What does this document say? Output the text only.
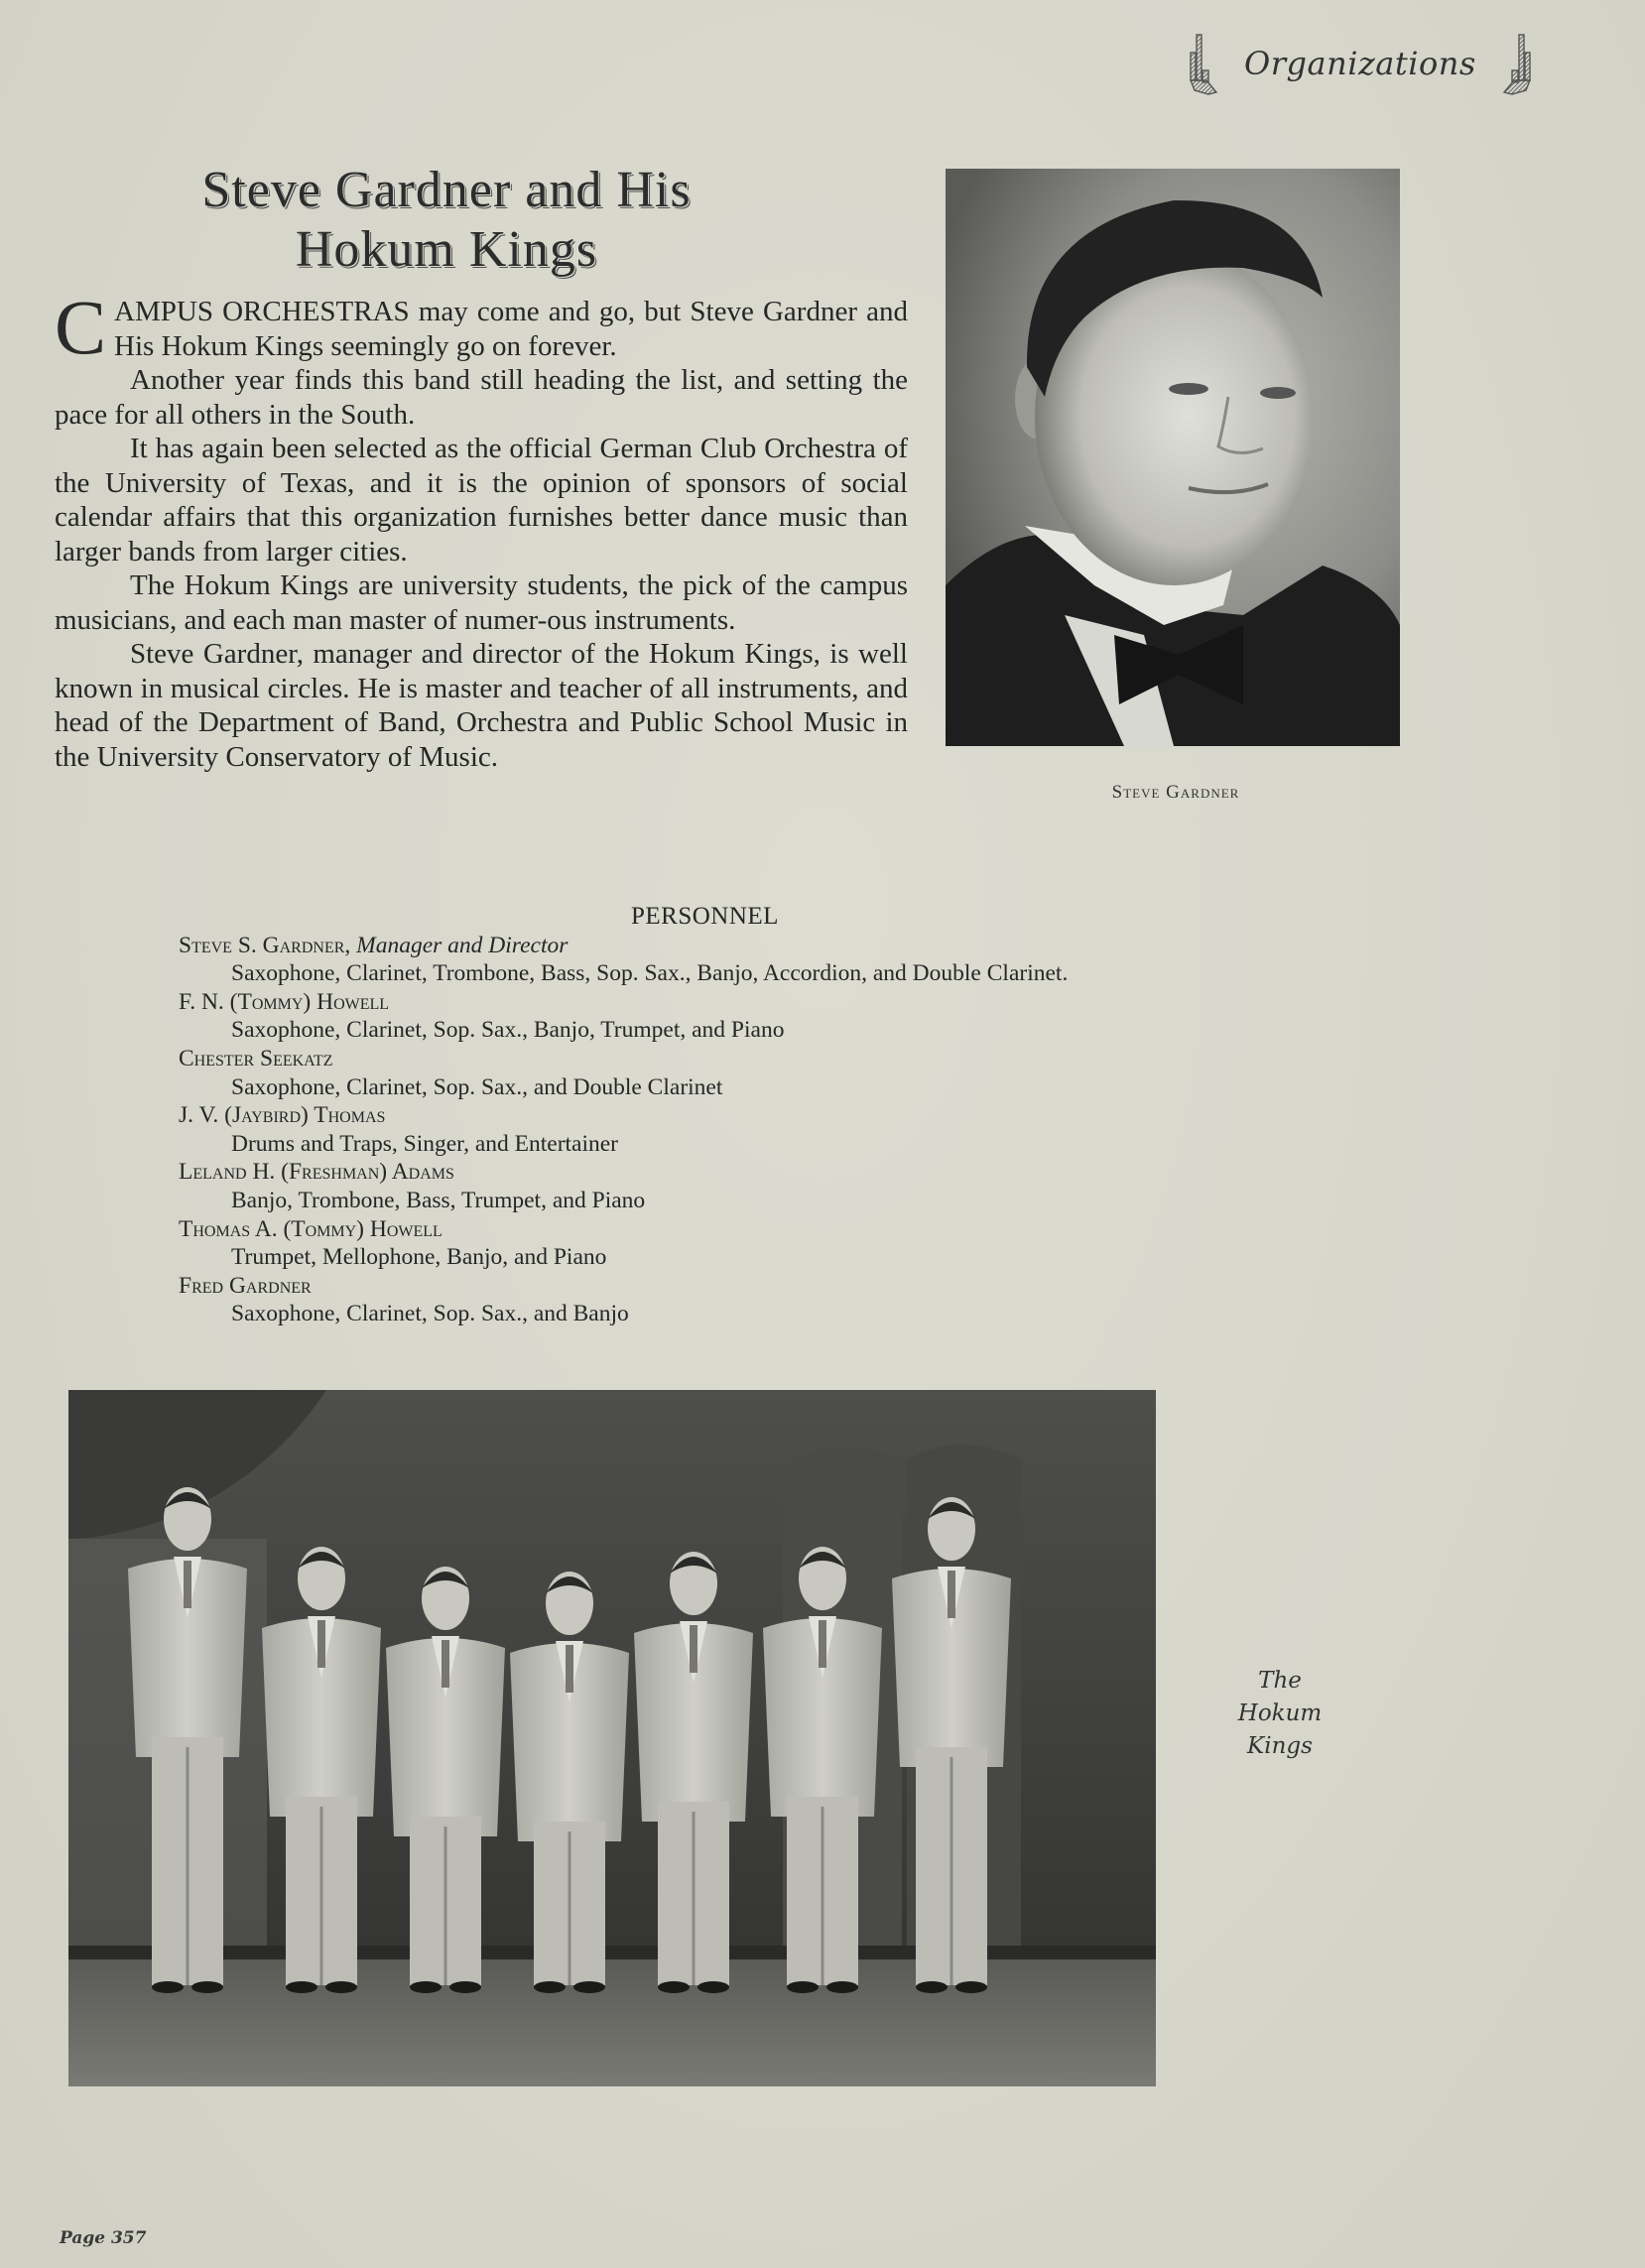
Organizations
Steve Gardner and His
Hokum Kings

CAMPUS ORCHESTRAS may come and go, but Steve Gardner and His Hokum Kings seemingly go on forever.

Another year finds this band still heading the list, and setting the pace for all others in the South.

It has again been selected as the official German Club Orchestra of the University of Texas, and it is the opinion of sponsors of social calendar affairs that this organization furnishes better dance music than larger bands from larger cities.

The Hokum Kings are university students, the pick of the campus musicians, and each man master of numer-ous instruments.

Steve Gardner, manager and director of the Hokum Kings, is well known in musical circles. He is master and teacher of all instruments, and head of the Department of Band, Orchestra and Public School Music in the University Conservatory of Music.

Steve Gardner
PERSONNEL
Steve S. Gardner, Manager and Director
Saxophone, Clarinet, Trombone, Bass, Sop. Sax., Banjo, Accordion, and Double Clarinet.
F. N. (Tommy) Howell
Saxophone, Clarinet, Sop. Sax., Banjo, Trumpet, and Piano
Chester Seekatz
Saxophone, Clarinet, Sop. Sax., and Double Clarinet
J. V. (Jaybird) Thomas
Drums and Traps, Singer, and Entertainer
Leland H. (Freshman) Adams
Banjo, Trombone, Bass, Trumpet, and Piano
Thomas A. (Tommy) Howell
Trumpet, Mellophone, Banjo, and Piano
Fred Gardner
Saxophone, Clarinet, Sop. Sax., and Banjo
The
Hokum
Kings
Page 357
